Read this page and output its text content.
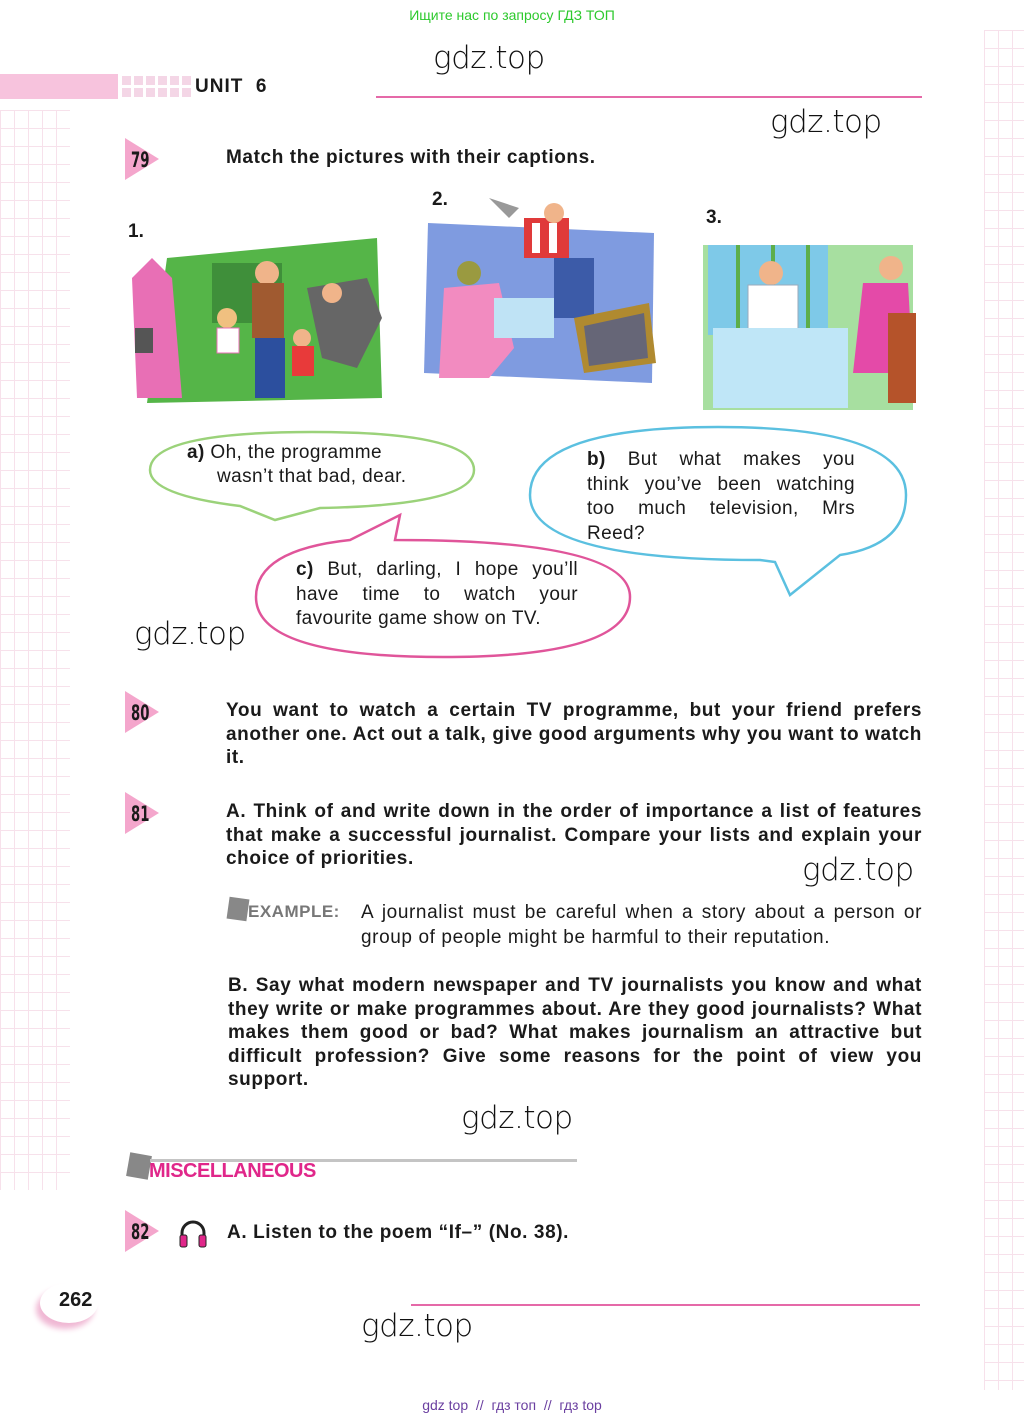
Ищите нас по запросу ГДЗ ТОП
gdz.top
gdz.top
gdz.top
gdz.top
gdz.top
gdz.top
UNIT  6
79	Match the pictures with their captions.
1.
2.
3.
a) Oh, the programme
wasn’t that bad, dear.
b) But what makes you think you’ve been watching too much television, Mrs Reed?
c) But, darling, I hope you’ll have time to watch your favourite game show on TV.
80	You want to watch a certain TV programme, but your friend prefers another one. Act out a talk, give good arguments why you want to watch it.
81	A. Think of and write down in the order of importance a list of features that make a successful journalist. Compare your lists and explain your choice of priorities.
EXAMPLE: A journalist must be careful when a story about a person or group of people might be harmful to their reputation.
B. Say what modern newspaper and TV journalists you know and what they write or make programmes about. Are they good journalists? What makes them good or bad? What makes journalism an attractive but difficult profession? Give some reasons for the point of view you support.
MISCELLANEOUS
82	A. Listen to the poem “If–” (No. 38).
262
gdz top  //  гдз топ  //  гдз top
